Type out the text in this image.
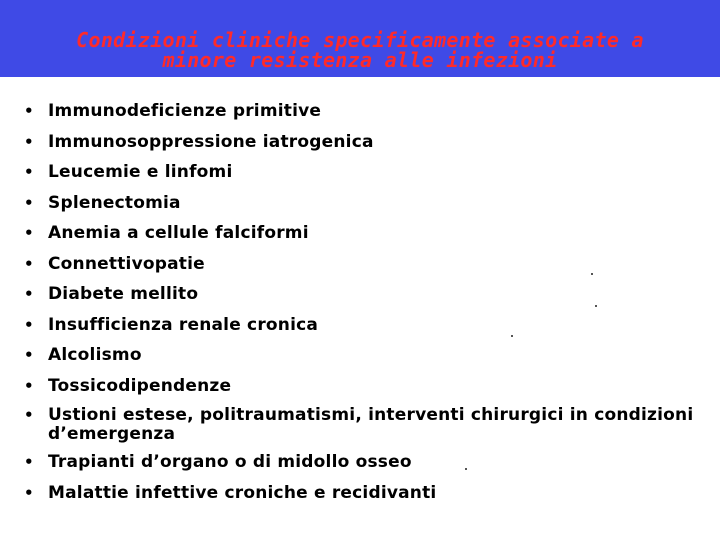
Condizioni cliniche specificamente associate a
minore resistenza alle infezioni
• Immunodeficienze primitive
• Immunosoppressione iatrogenica
• Leucemie e linfomi
• Splenectomia
• Anemia a cellule falciformi
• Connettivopatie
• Diabete mellito
• Insufficienza renale cronica
• Alcolismo
• Tossicodipendenze
• Ustioni estese, politraumatismi, interventi chirurgici in condizioni d’emergenza
• Trapianti d’organo o di midollo osseo
• Malattie infettive croniche e recidivanti
